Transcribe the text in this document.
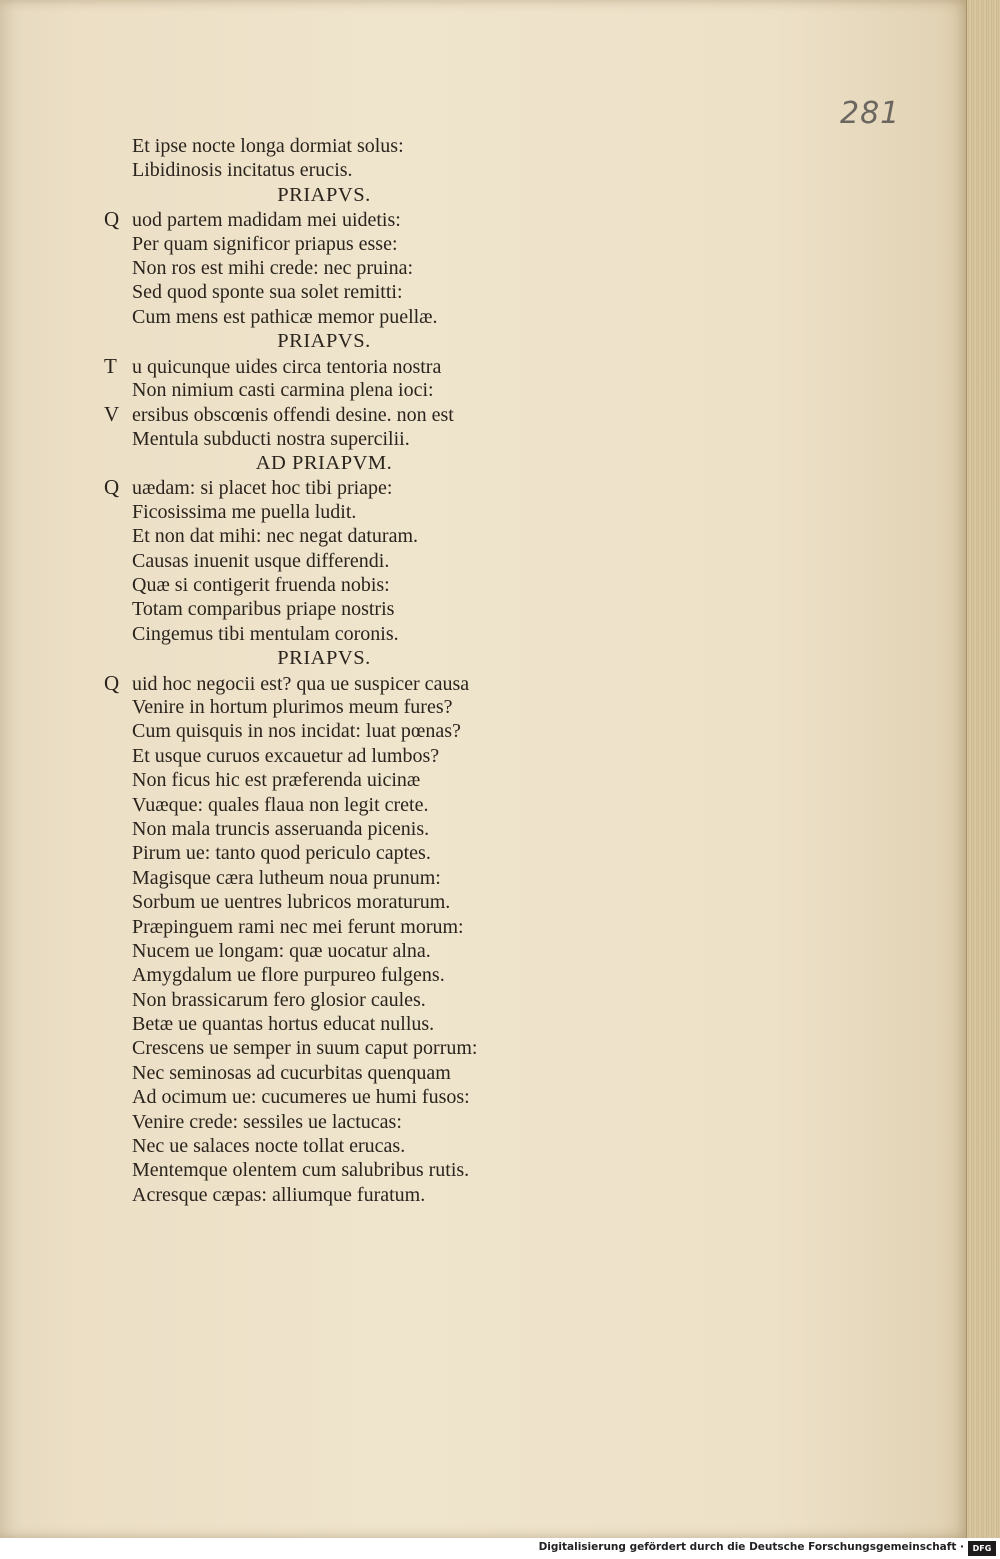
281
Et ipse nocte longa dormiat solus:
Libidinosis incitatus erucis.
PRIAPVS.
Q uod partem madidam mei uidetis:
Per quam significor priapus esse:
Non ros est mihi crede: nec pruina:
Sed quod sponte sua solet remitti:
Cum mens est pathicæ memor puellæ.
PRIAPVS.
T u quicunque uides circa tentoria nostra
Non nimium casti carmina plena ioci:
V ersibus obscœnis offendi desine. non est
Mentula subducti nostra supercilii.
AD PRIAPVM.
Q uædam: si placet hoc tibi priape:
Ficosissima me puella ludit.
Et non dat mihi: nec negat daturam.
Causas inuenit usque differendi.
Quæ si contigerit fruenda nobis:
Totam comparibus priape nostris
Cingemus tibi mentulam coronis.
PRIAPVS.
Q uid hoc negocii est? qua ue suspicer causa
Venire in hortum plurimos meum fures?
Cum quisquis in nos incidat: luat pœnas?
Et usque curuos excauetur ad lumbos?
Non ficus hic est præferenda uicinæ
Vuæque: quales flaua non legit crete.
Non mala truncis asseruanda picenis.
Pirum ue: tanto quod periculo captes.
Magisque cæra lutheum noua prunum:
Sorbum ue uentres lubricos moraturum.
Præpinguem rami nec mei ferunt morum:
Nucem ue longam: quæ uocatur alna.
Amygdalum ue flore purpureo fulgens.
Non brassicarum fero glosior caules.
Betæ ue quantas hortus educat nullus.
Crescens ue semper in suum caput porrum:
Nec seminosas ad cucurbitas quenquam
Ad ocimum ue: cucumeres ue humi fusos:
Venire crede: sessiles ue lactucas:
Nec ue salaces nocte tollat erucas.
Mentemque olentem cum salubribus rutis.
Acresque cæpas: alliumque furatum.
Digitalisierung gefördert durch die Deutsche Forschungsgemeinschaft ·	DFG
